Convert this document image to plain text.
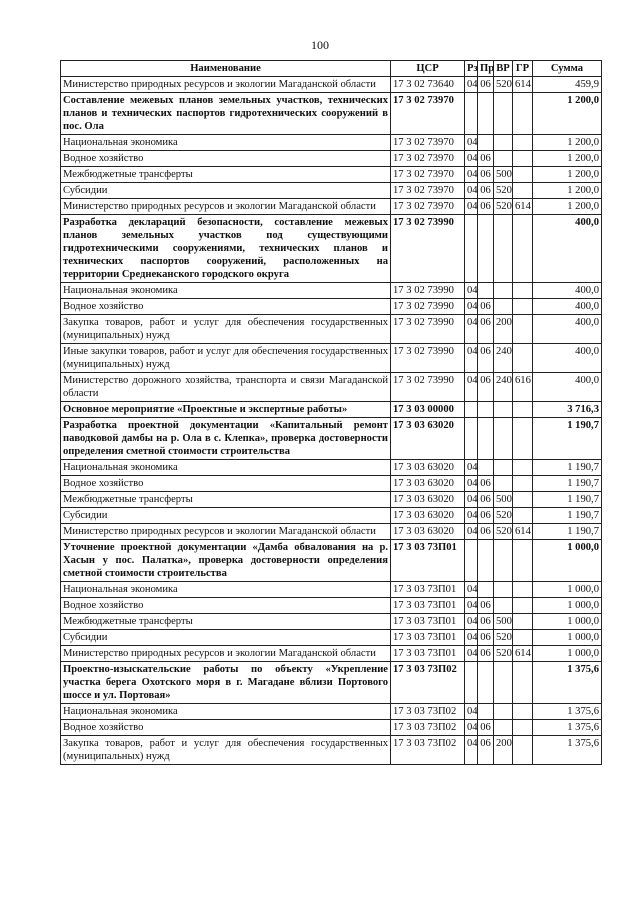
100
Наименование	ЦСР	Рз	Пр	ВР	ГР	Сумма
Министерство природных ресурсов и экологии Магаданской области	17 3 02 73640	04	06	520	614	459,9
Составление межевых планов земельных участков, технических планов и технических паспортов гидротехнических сооружений в пос. Ола	17 3 02 73970					1 200,0
Национальная экономика	17 3 02 73970	04				1 200,0
Водное хозяйство	17 3 02 73970	04	06			1 200,0
Межбюджетные трансферты	17 3 02 73970	04	06	500		1 200,0
Субсидии	17 3 02 73970	04	06	520		1 200,0
Министерство природных ресурсов и экологии Магаданской области	17 3 02 73970	04	06	520	614	1 200,0
Разработка деклараций безопасности, составление межевых планов земельных участков под существующими гидротехническими сооружениями, технических планов и технических паспортов сооружений, расположенных на территории Среднеканского городского округа	17 3 02 73990					400,0
Национальная экономика	17 3 02 73990	04				400,0
Водное хозяйство	17 3 02 73990	04	06			400,0
Закупка товаров, работ и услуг для обеспечения государственных (муниципальных) нужд	17 3 02 73990	04	06	200		400,0
Иные закупки товаров, работ и услуг для обеспечения государственных (муниципальных) нужд	17 3 02 73990	04	06	240		400,0
Министерство дорожного хозяйства, транспорта и связи Магаданской области	17 3 02 73990	04	06	240	616	400,0
Основное мероприятие «Проектные и экспертные работы»	17 3 03 00000					3 716,3
Разработка проектной документации «Капитальный ремонт паводковой дамбы на р. Ола в с. Клепка», проверка достоверности определения сметной стоимости строительства	17 3 03 63020					1 190,7
Национальная экономика	17 3 03 63020	04				1 190,7
Водное хозяйство	17 3 03 63020	04	06			1 190,7
Межбюджетные трансферты	17 3 03 63020	04	06	500		1 190,7
Субсидии	17 3 03 63020	04	06	520		1 190,7
Министерство природных ресурсов и экологии Магаданской области	17 3 03 63020	04	06	520	614	1 190,7
Уточнение проектной документации «Дамба обвалования на р. Хасын у пос. Палатка», проверка достоверности определения сметной стоимости строительства	17 3 03 73П01					1 000,0
Национальная экономика	17 3 03 73П01	04				1 000,0
Водное хозяйство	17 3 03 73П01	04	06			1 000,0
Межбюджетные трансферты	17 3 03 73П01	04	06	500		1 000,0
Субсидии	17 3 03 73П01	04	06	520		1 000,0
Министерство природных ресурсов и экологии Магаданской области	17 3 03 73П01	04	06	520	614	1 000,0
Проектно-изыскательские работы по объекту «Укрепление участка берега Охотского моря в г. Магадане вблизи Портового шоссе и ул. Портовая»	17 3 03 73П02					1 375,6
Национальная экономика	17 3 03 73П02	04				1 375,6
Водное хозяйство	17 3 03 73П02	04	06			1 375,6
Закупка товаров, работ и услуг для обеспечения государственных (муниципальных) нужд	17 3 03 73П02	04	06	200		1 375,6
